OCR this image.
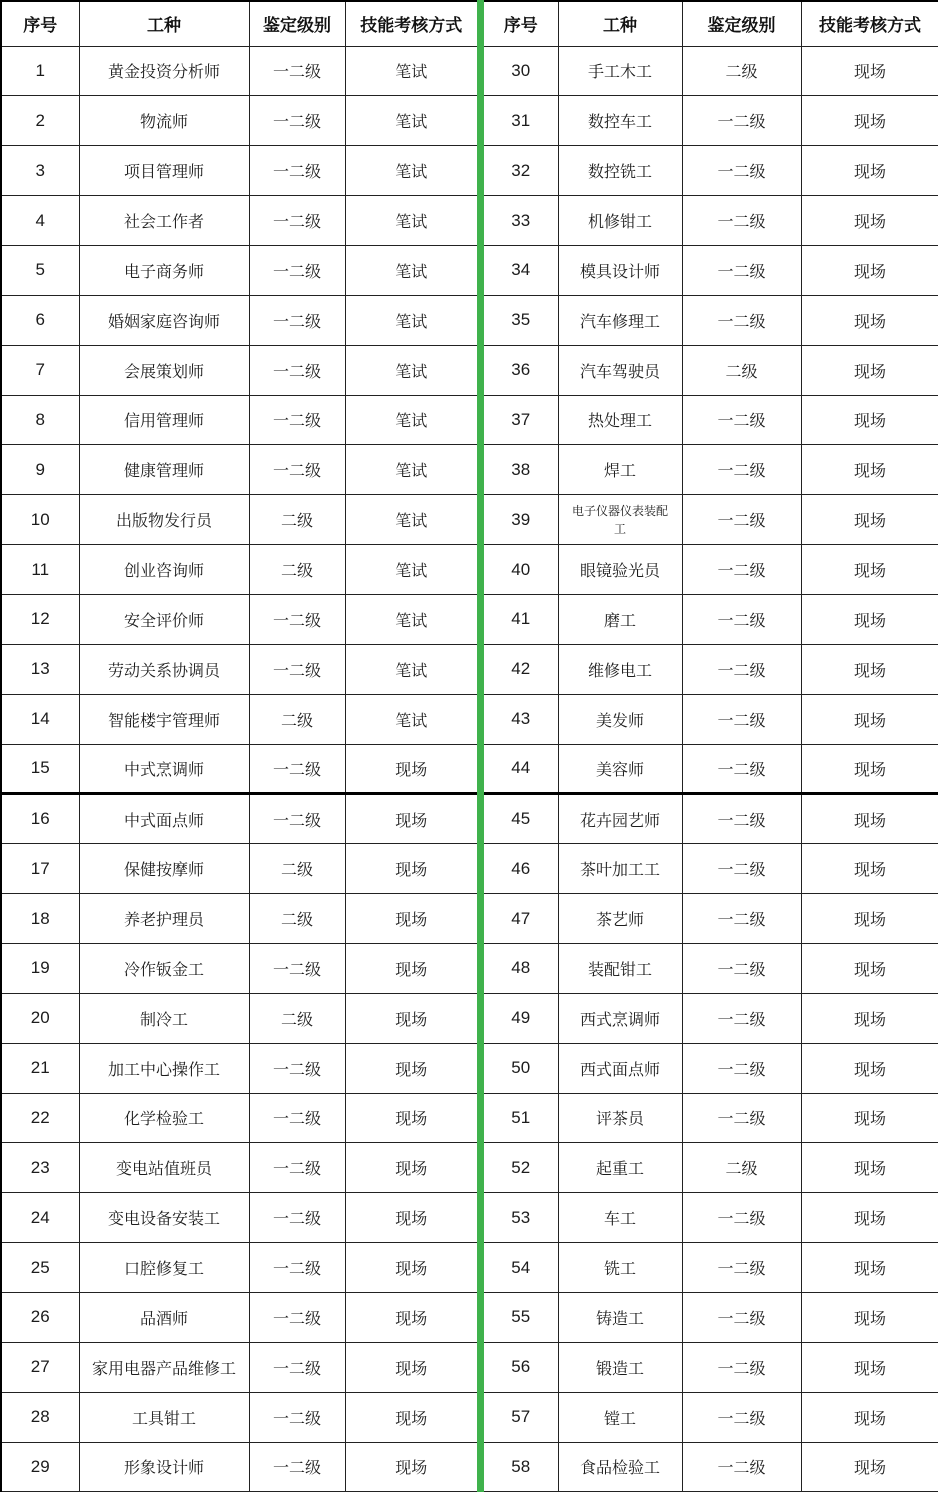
序号	工种	鉴定级别	技能考核方式
1	黄金投资分析师	一二级	笔试
2	物流师	一二级	笔试
3	项目管理师	一二级	笔试
4	社会工作者	一二级	笔试
5	电子商务师	一二级	笔试
6	婚姻家庭咨询师	一二级	笔试
7	会展策划师	一二级	笔试
8	信用管理师	一二级	笔试
9	健康管理师	一二级	笔试
10	出版物发行员	二级	笔试
11	创业咨询师	二级	笔试
12	安全评价师	一二级	笔试
13	劳动关系协调员	一二级	笔试
14	智能楼宇管理师	二级	笔试
15	中式烹调师	一二级	现场
16	中式面点师	一二级	现场
17	保健按摩师	二级	现场
18	养老护理员	二级	现场
19	冷作钣金工	一二级	现场
20	制冷工	二级	现场
21	加工中心操作工	一二级	现场
22	化学检验工	一二级	现场
23	变电站值班员	一二级	现场
24	变电设备安装工	一二级	现场
25	口腔修复工	一二级	现场
26	品酒师	一二级	现场
27	家用电器产品维修工	一二级	现场
28	工具钳工	一二级	现场
29	形象设计师	一二级	现场
序号	工种	鉴定级别	技能考核方式
30	手工木工	二级	现场
31	数控车工	一二级	现场
32	数控铣工	一二级	现场
33	机修钳工	一二级	现场
34	模具设计师	一二级	现场
35	汽车修理工	一二级	现场
36	汽车驾驶员	二级	现场
37	热处理工	一二级	现场
38	焊工	一二级	现场
39	电子仪器仪表装配工	一二级	现场
40	眼镜验光员	一二级	现场
41	磨工	一二级	现场
42	维修电工	一二级	现场
43	美发师	一二级	现场
44	美容师	一二级	现场
45	花卉园艺师	一二级	现场
46	茶叶加工工	一二级	现场
47	茶艺师	一二级	现场
48	装配钳工	一二级	现场
49	西式烹调师	一二级	现场
50	西式面点师	一二级	现场
51	评茶员	一二级	现场
52	起重工	二级	现场
53	车工	一二级	现场
54	铣工	一二级	现场
55	铸造工	一二级	现场
56	锻造工	一二级	现场
57	镗工	一二级	现场
58	食品检验工	一二级	现场
